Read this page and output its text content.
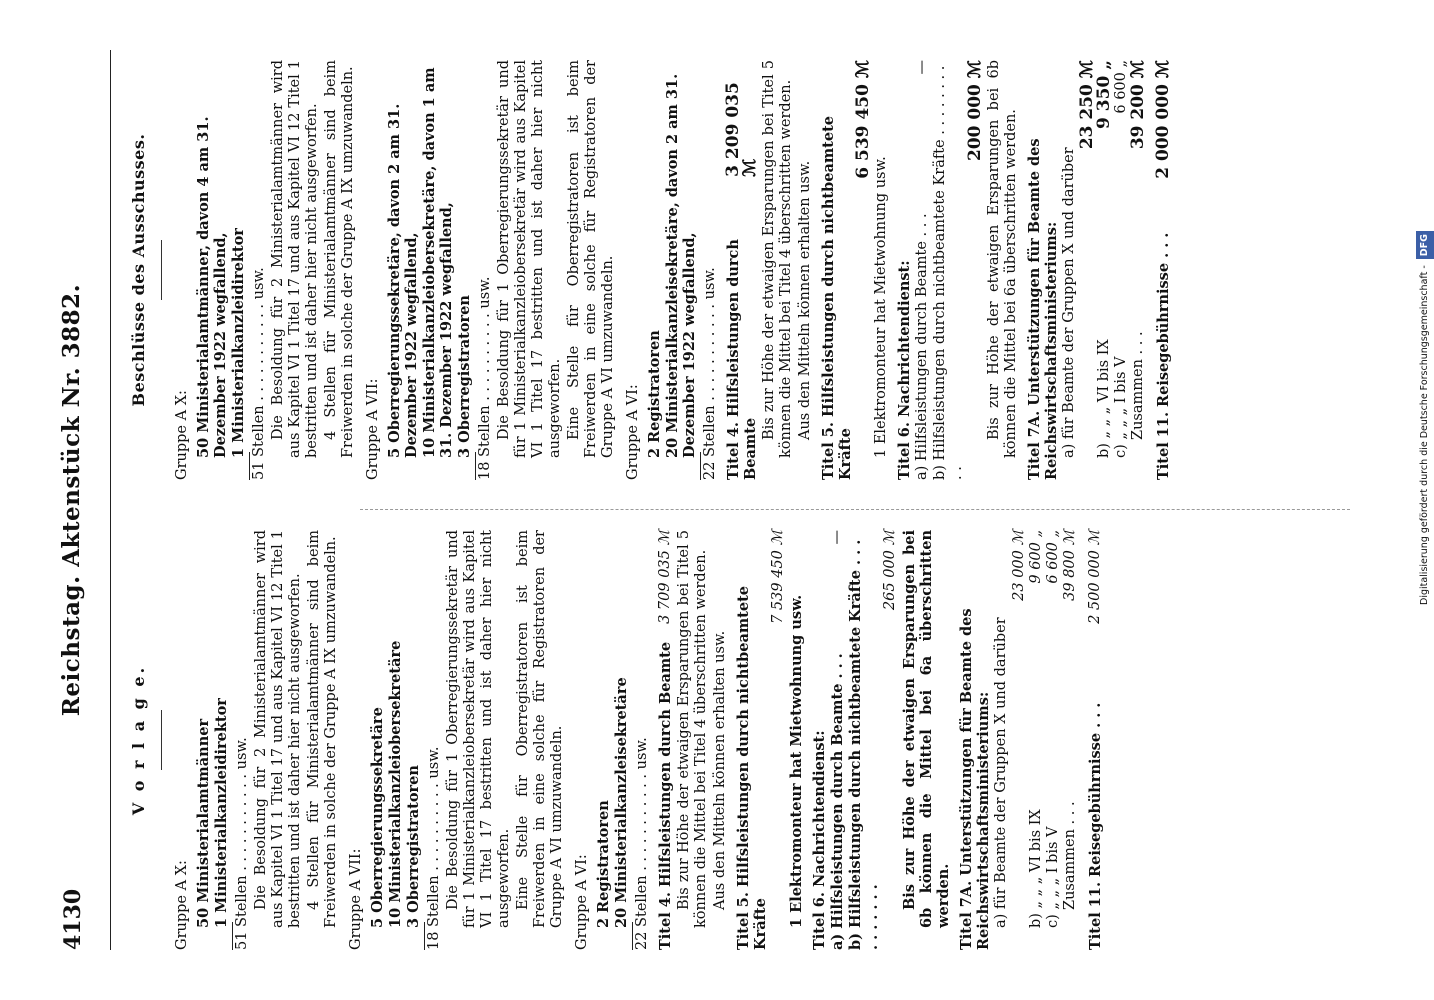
4130
Reichstag. Aktenstück Nr. 3882.
V o r l a g e.
Gruppe A X: 50 Ministerialamtmänner 1 Ministerialkanzleidirektor 51 Stellen . . . . . . . . . . . usw. Die Besoldung für 2 Ministerialamtmänner wird aus Kapitel VI 1 Titel 17 und aus Kapitel VI 12 Titel 1 bestritten und ist daher hier nicht ausgeworfen. 4 Stellen für Ministerialamtmänner sind beim Freiwerden in solche der Gruppe A IX umzuwandeln. Gruppe A VII: 5 Oberregierungssekretäre 10 Ministerialkanzleiobersekretäre 3 Oberregistratoren 18 Stellen . . . . . . . . . . usw. Die Besoldung für 1 Oberregierungssekretär und für 1 Ministerialkanzleiobersekretär wird aus Kapitel VI 1 Titel 17 bestritten und ist daher hier nicht ausgeworfen. Eine Stelle für Oberregistratoren ist beim Freiwerden in eine solche für Registratoren der Gruppe A VI umzuwandeln. Gruppe A VI: 2 Registratoren 20 Ministerialkanzleisekretäre 22 Stellen . . . . . . . . . . . usw. Titel 4. Hilfsleistungen durch Beamte
3 709 035 ℳ Bis zur Höhe der etwaigen Ersparungen bei Titel 5 können die Mittel bei Titel 4 überschritten werden. Aus den Mitteln können erhalten usw. Titel 5. Hilfsleistungen durch nichtbeamtete Kräfte
7 539 450 ℳ
1 Elektromonteur hat Mietwohnung usw. Titel 6. Nachrichtendienst: a) Hilfsleistungen durch Beamte . . .
—
b) Hilfsleistungen durch nichtbeamtete Kräfte . . . . . . . . . .
265 000 ℳ Bis zur Höhe der etwaigen Ersparungen bei 6b können die Mittel bei 6a überschritten werden. Titel 7A. Unterstützungen für Beamte des Reichswirtschaftsministeriums: a) für Beamte der Gruppen X und darüber
23 000 ℳ
b) „ „ „ VI bis IX
9 600 „
c) „ „ „ I bis V
6 600 „
Zusammen . . .
39 800 ℳ
Titel 11. Reisegebührnisse . . .
2 500 000 ℳ
Beschlüsse des Ausschusses.
Gruppe A X: 50 Ministerialamtmänner, davon 4 am 31. Dezember 1922 wegfallend, 1 Ministerialkanzleidirektor 51 Stellen . . . . . . . . . . . usw. Die Besoldung für 2 Ministerialamtmänner wird aus Kapitel VI 1 Titel 17 und aus Kapitel VI 12 Titel 1 bestritten und ist daher hier nicht ausgeworfen. 4 Stellen für Ministerialamtmänner sind beim Freiwerden in solche der Gruppe A IX umzuwandeln. Gruppe A VII: 5 Oberregierungssekretäre, davon 2 am 31. Dezember 1922 wegfallend, 10 Ministerialkanzleiobersekretäre, davon 1 am 31. Dezember 1922 wegfallend, 3 Oberregistratoren 18 Stellen . . . . . . . . . . usw. Die Besoldung für 1 Oberregierungssekretär und für 1 Ministerialkanzleiobersekretär wird aus Kapitel VI 1 Titel 17 bestritten und ist daher hier nicht ausgeworfen. Eine Stelle für Oberregistratoren ist beim Freiwerden in eine solche für Registratoren der Gruppe A VI umzuwandeln. Gruppe A VI: 2 Registratoren 20 Ministerialkanzleisekretäre, davon 2 am 31. Dezember 1922 wegfallend, 22 Stellen . . . . . . . . . . . usw. Titel 4. Hilfsleistungen durch Beamte
3 209 035 ℳ Bis zur Höhe der etwaigen Ersparungen bei Titel 5 können die Mittel bei Titel 4 überschritten werden. Aus den Mitteln können erhalten usw. Titel 5. Hilfsleistungen durch nichtbeamtete Kräfte
6 539 450 ℳ
1 Elektromonteur hat Mietwohnung usw. Titel 6. Nachrichtendienst: a) Hilfsleistungen durch Beamte . . .
— b) Hilfsleistungen durch nichtbeamtete Kräfte . . . . . . . . . .
200 000 ℳ Bis zur Höhe der etwaigen Ersparungen bei 6b können die Mittel bei 6a überschritten werden. Titel 7A. Unterstützungen für Beamte des Reichswirtschaftsministeriums: a) für Beamte der Gruppen X und darüber
23 250 ℳ
b) „ „ „ VI bis IX
9 350 „
c) „ „ „ I bis V
6 600 „
Zusammen . . .
39 200 ℳ
Titel 11. Reisegebührnisse . . .
2 000 000 ℳ
Digitalisierung gefördert durch die Deutsche Forschungsgemeinschaft -DFG
